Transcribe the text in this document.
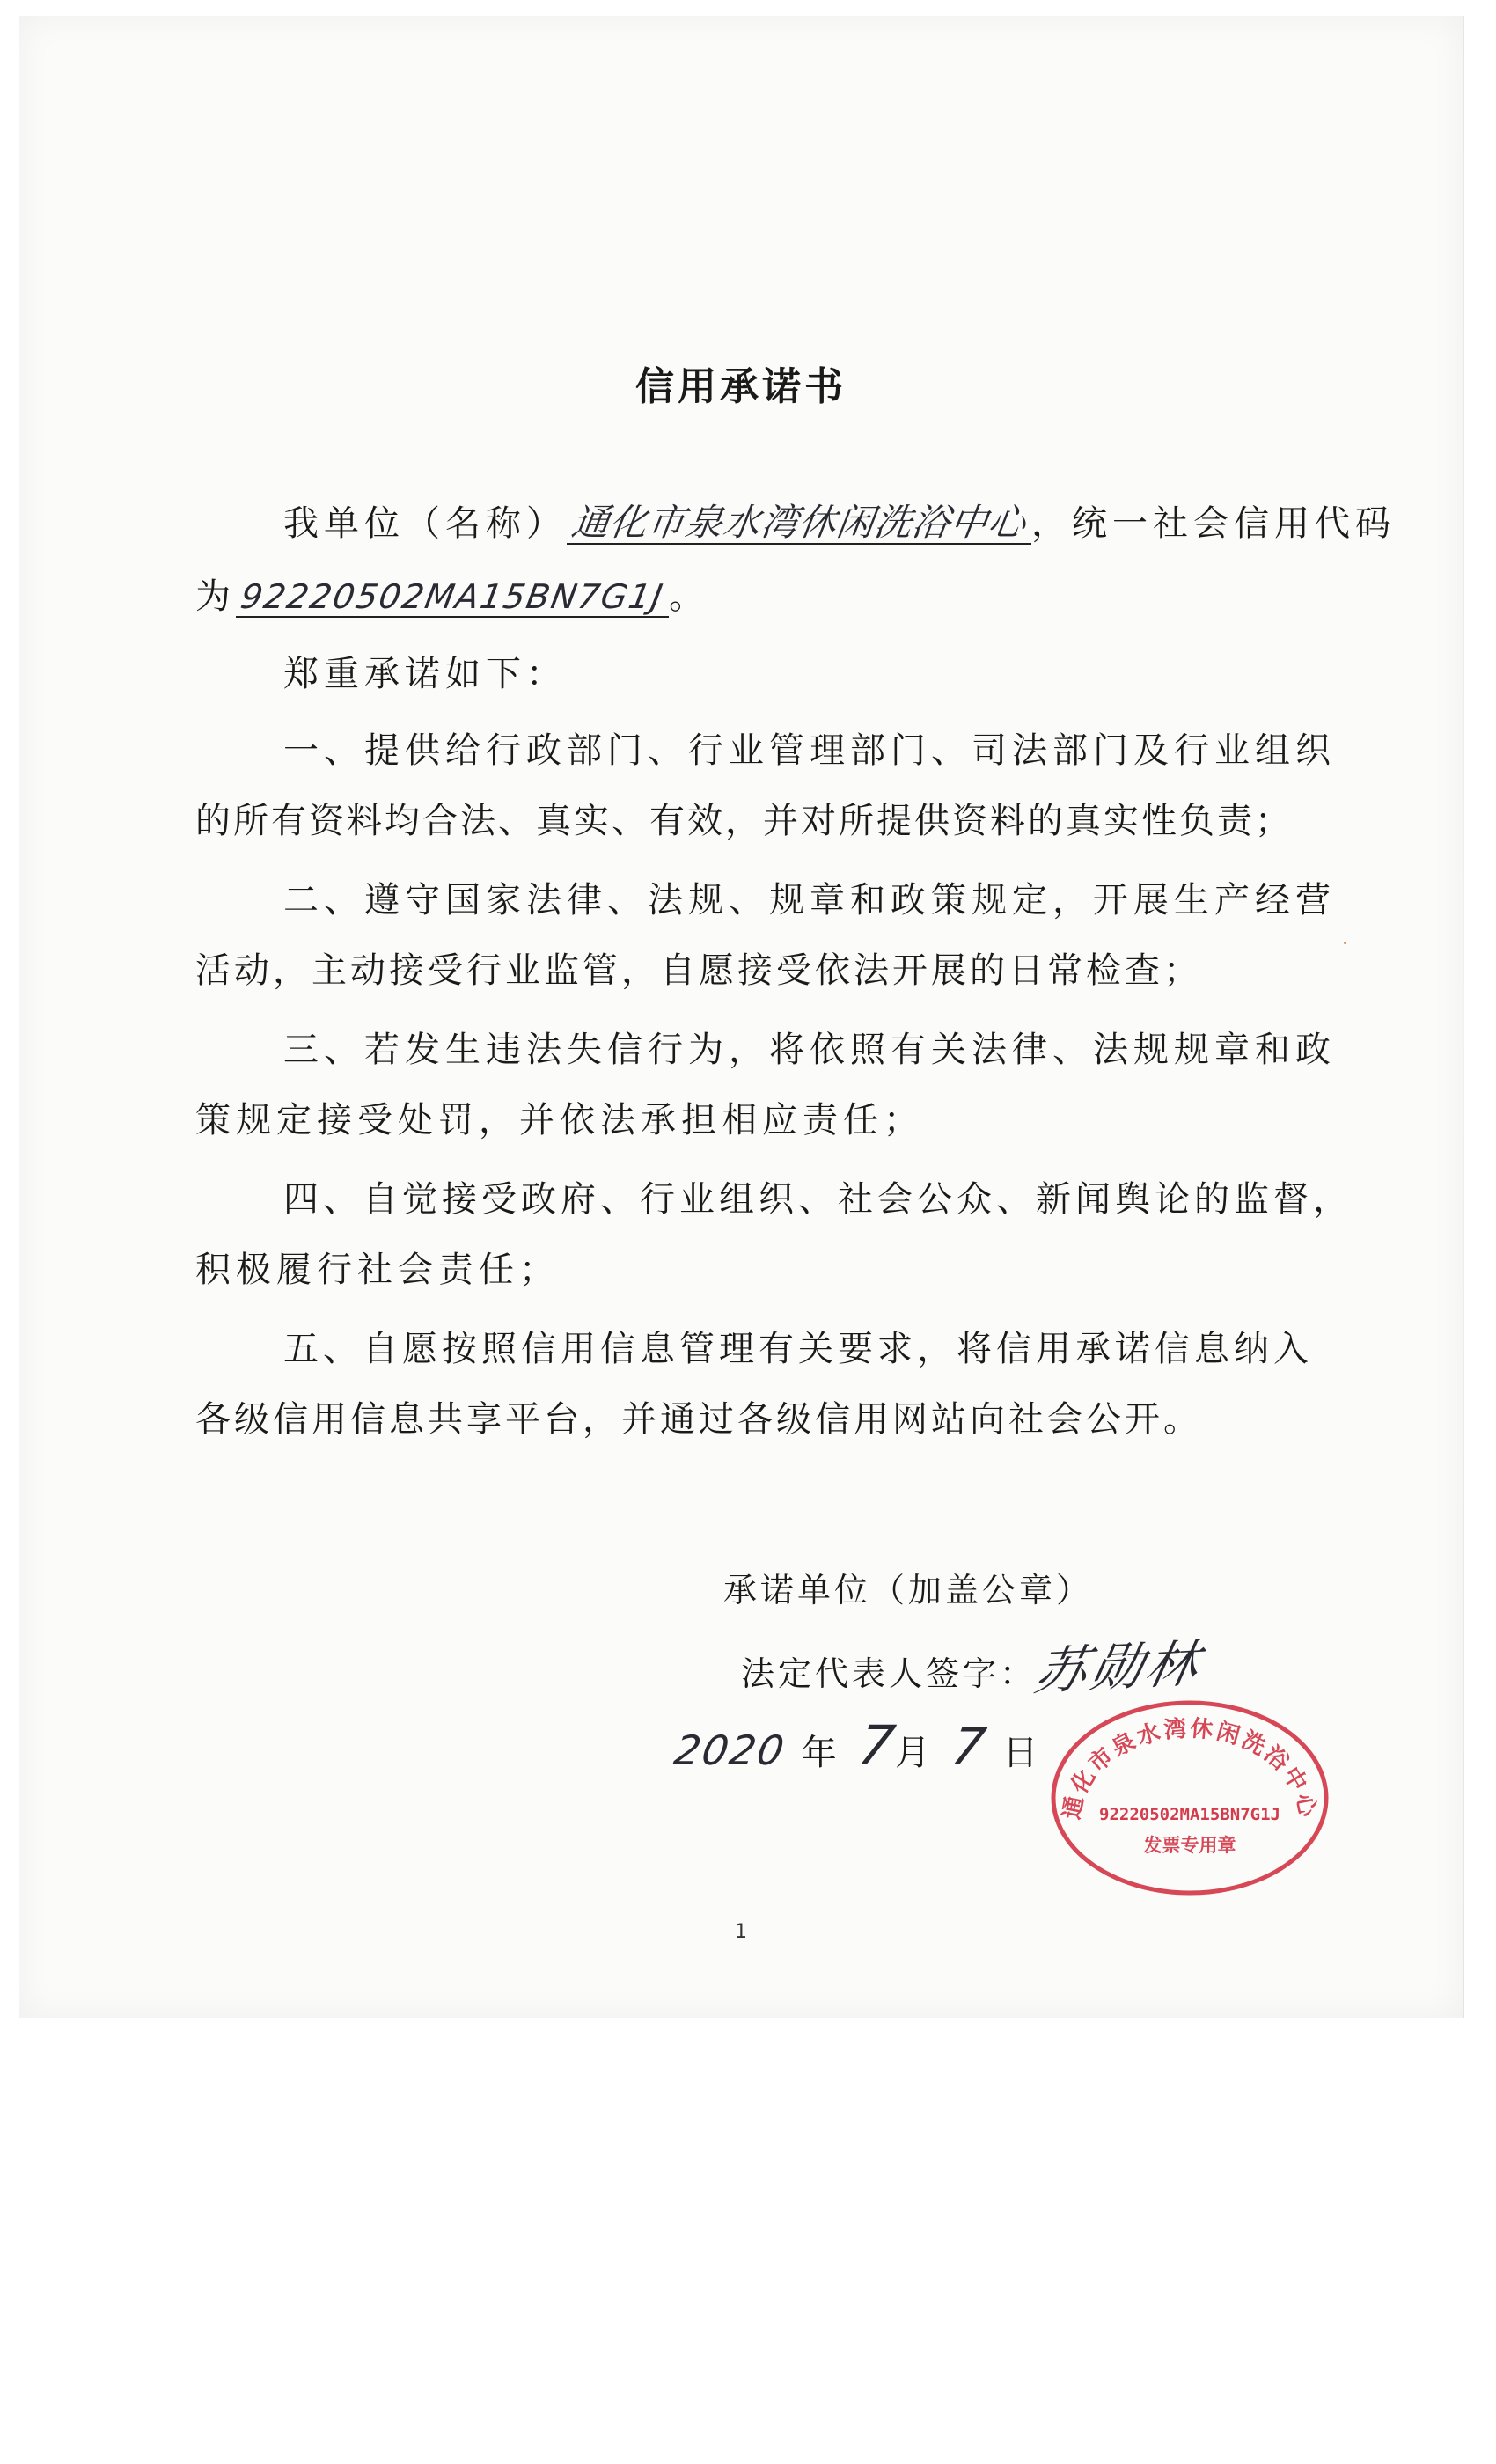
信用承诺书
我单位（名称）通化市泉水湾休闲洗浴中心，统一社会信用代码
为92220502MA15BN7G1J。
郑重承诺如下：
一、提供给行政部门、行业管理部门、司法部门及行业组织
的所有资料均合法、真实、有效，并对所提供资料的真实性负责；
二、遵守国家法律、法规、规章和政策规定，开展生产经营
活动，主动接受行业监管，自愿接受依法开展的日常检查；
三、若发生违法失信行为，将依照有关法律、法规规章和政
策规定接受处罚，并依法承担相应责任；
四、自觉接受政府、行业组织、社会公众、新闻舆论的监督，
积极履行社会责任；
五、自愿按照信用信息管理有关要求，将信用承诺信息纳入
各级信用信息共享平台，并通过各级信用网站向社会公开。
承诺单位（加盖公章）
法定代表人签字：苏勋林
2020 年 7月 7 日
通化市泉水湾休闲洗浴中心
92220502MA15BN7G1J
发票专用章
1
